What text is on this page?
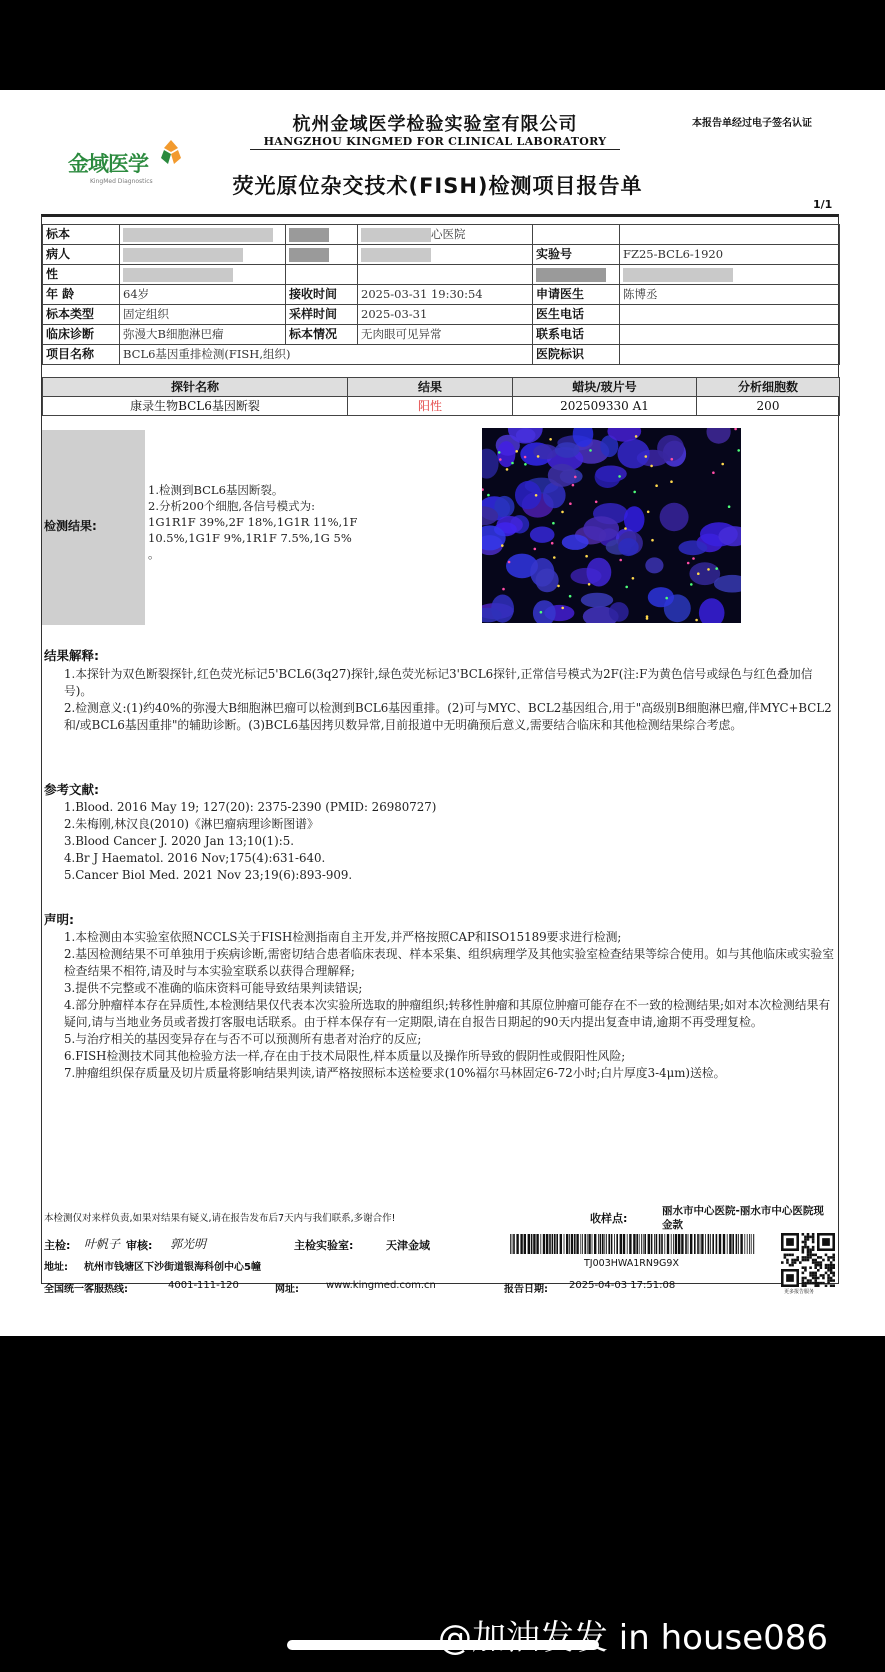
金域医学
KingMed Diagnostics
杭州金域医学检验实验室有限公司
HANGZHOU KINGMED FOR CLINICAL LABORATORY
荧光原位杂交技术(FISH)检测项目报告单
本报告单经过电子签名认证
1/1
标本			心医院		
病人				实验号	FZ25-BCL6-1920
性					
年 龄	64岁	接收时间	2025-03-31 19:30:54	申请医生	陈博丞
标本类型	固定组织	采样时间	2025-03-31	医生电话	
临床诊断	弥漫大B细胞淋巴瘤	标本情况	无肉眼可见异常	联系电话	
项目名称	BCL6基因重排检测(FISH,组织)			医院标识	
探针名称	结果	蜡块/玻片号	分析细胞数
康录生物BCL6基因断裂	阳性	202509330 A1	200
检测结果:
1.检测到BCL6基因断裂。
2.分析200个细胞,各信号模式为:
1G1R1F 39%,2F 18%,1G1R 11%,1F
10.5%,1G1F 9%,1R1F 7.5%,1G 5%
。
结果解释:

1.本探针为双色断裂探针,红色荧光标记5'BCL6(3q27)探针,绿色荧光标记3'BCL6探针,正常信号模式为2F(注:F为黄色信号或绿色与红色叠加信号)。

2.检测意义:(1)约40%的弥漫大B细胞淋巴瘤可以检测到BCL6基因重排。(2)可与MYC、BCL2基因组合,用于"高级别B细胞淋巴瘤,伴MYC+BCL2和/或BCL6基因重排"的辅助诊断。(3)BCL6基因拷贝数异常,目前报道中无明确预后意义,需要结合临床和其他检测结果综合考虑。

参考文献:

1.Blood. 2016 May 19; 127(20): 2375-2390 (PMID: 26980727)

2.朱梅刚,林汉良(2010)《淋巴瘤病理诊断图谱》

3.Blood Cancer J. 2020 Jan 13;10(1):5.

4.Br J Haematol. 2016 Nov;175(4):631-640.

5.Cancer Biol Med. 2021 Nov 23;19(6):893-909.

声明:

1.本检测由本实验室依照NCCLS关于FISH检测指南自主开发,并严格按照CAP和ISO15189要求进行检测;

2.基因检测结果不可单独用于疾病诊断,需密切结合患者临床表现、样本采集、组织病理学及其他实验室检查结果等综合使用。如与其他临床或实验室检查结果不相符,请及时与本实验室联系以获得合理解释;

3.提供不完整或不准确的临床资料可能导致结果判读错误;

4.部分肿瘤样本存在异质性,本检测结果仅代表本次实验所选取的肿瘤组织;转移性肿瘤和其原位肿瘤可能存在不一致的检测结果;如对本次检测结果有疑问,请与当地业务员或者拨打客服电话联系。由于样本保存有一定期限,请在自报告日期起的90天内提出复查申请,逾期不再受理复检。

5.与治疗相关的基因变异存在与否不可以预测所有患者对治疗的反应;

6.FISH检测技术同其他检验方法一样,存在由于技术局限性,样本质量以及操作所导致的假阴性或假阳性风险;

7.肿瘤组织保存质量及切片质量将影响结果判读,请严格按照标本送检要求(10%福尔马林固定6-72小时;白片厚度3-4μm)送检。

本检测仅对来样负责,如果对结果有疑义,请在报告发布后7天内与我们联系,多谢合作!	收样点:
丽水市中心医院-丽水市中心医院现金款
主检: 叶帆子 审核: 郭光明	主检实验室:	天津金域
TJ003HWA1RN9G9X
地址: 杭州市钱塘区下沙街道银海科创中心5幢
全国统一客服热线:	4001-111-120	网址:	www.kingmed.com.cn	报告日期: 2025-04-03 17:51:08
更多报告服务
@加油发发 in house086
